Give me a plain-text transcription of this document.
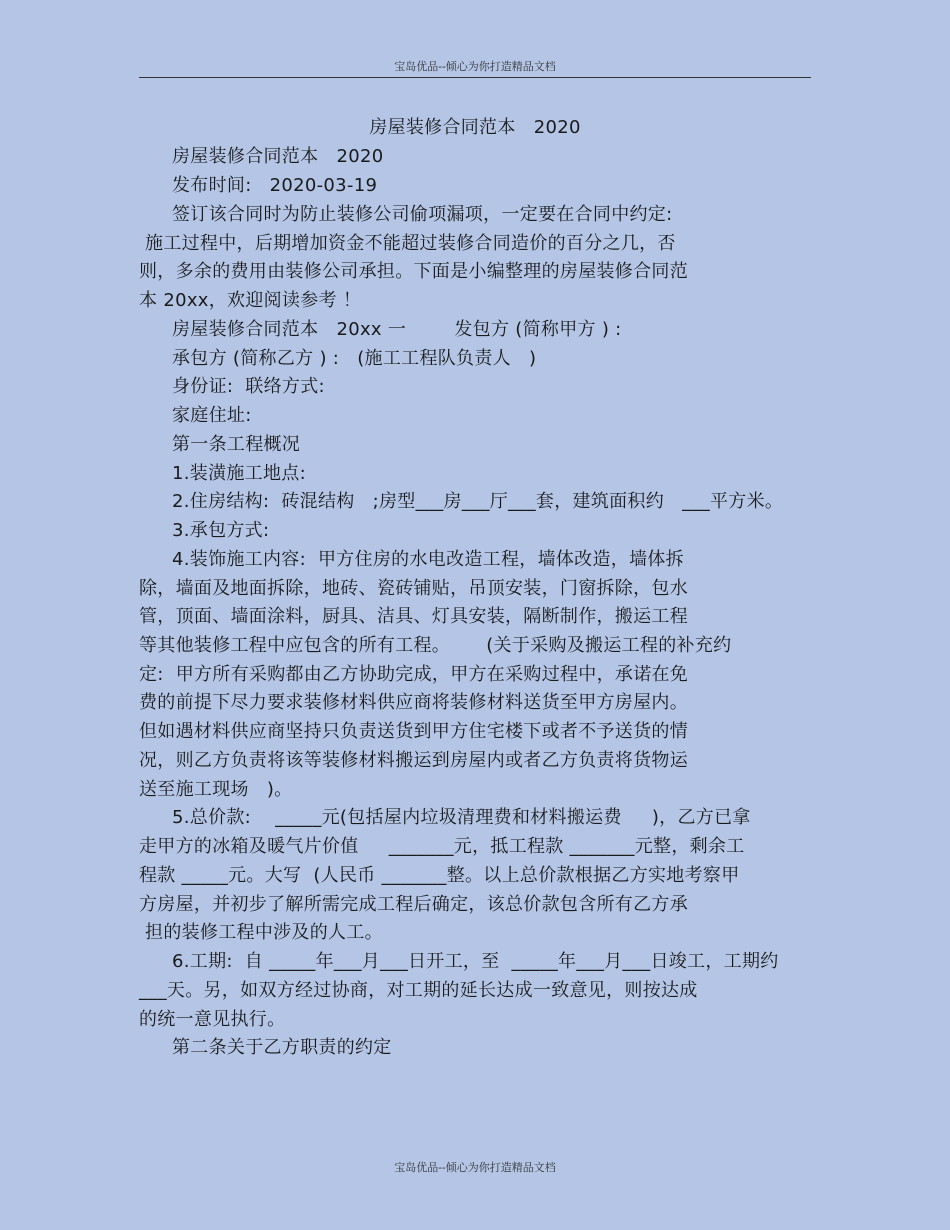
宝岛优品--倾心为你打造精品文档
房屋装修合同范本   2020
房屋装修合同范本   2020
发布时间:   2020-03-19
签订该合同时为防止装修公司偷项漏项，一定要在合同中约定:
施工过程中，后期增加资金不能超过装修合同造价的百分之几，否
则，多余的费用由装修公司承担。下面是小编整理的房屋装修合同范
本 20xx，欢迎阅读参考 ！
房屋装修合同范本   20xx 一        发包方 (简称甲方 ) :
承包方 (简称乙方 ) :   (施工工程队负责人   )
身份证:  联络方式:
家庭住址:
第一条工程概况
1.装潢施工地点:
2.住房结构:  砖混结构   ;房型___房___厅___套，建筑面积约   ___平方米。
3.承包方式:
4.装饰施工内容:  甲方住房的水电改造工程，墙体改造，墙体拆
除，墙面及地面拆除，地砖、瓷砖铺贴，吊顶安装，门窗拆除，包水
管，顶面、墙面涂料，厨具、洁具、灯具安装，隔断制作，搬运工程
等其他装修工程中应包含的所有工程。      (关于采购及搬运工程的补充约
定:  甲方所有采购都由乙方协助完成，甲方在采购过程中，承诺在免
费的前提下尽力要求装修材料供应商将装修材料送货至甲方房屋内。
但如遇材料供应商坚持只负责送货到甲方住宅楼下或者不予送货的情
况，则乙方负责将该等装修材料搬运到房屋内或者乙方负责将货物运
送至施工现场   )。
5.总价款:    _____元(包括屋内垃圾清理费和材料搬运费     )，乙方已拿
走甲方的冰箱及暖气片价值     _______元，抵工程款 _______元整，剩余工
程款 _____元。大写  (人民币 _______整。以上总价款根据乙方实地考察甲
方房屋，并初步了解所需完成工程后确定，该总价款包含所有乙方承
担的装修工程中涉及的人工。
6.工期:  自 _____年___月___日开工，至  _____年___月___日竣工，工期约
___天。另，如双方经过协商，对工期的延长达成一致意见，则按达成
的统一意见执行。
第二条关于乙方职责的约定
宝岛优品--倾心为你打造精品文档
